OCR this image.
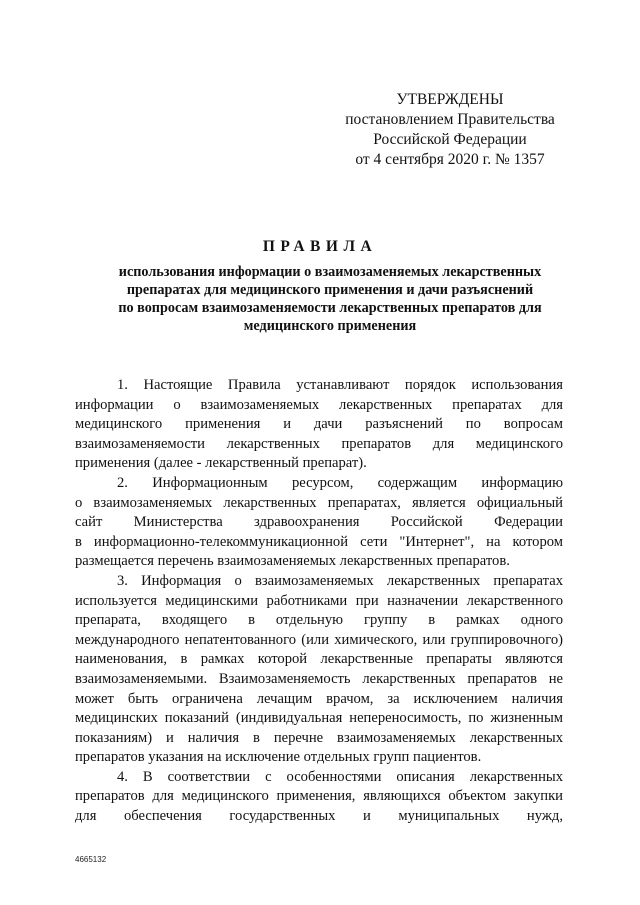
УТВЕРЖДЕНЫ
постановлением Правительства
Российской Федерации
от 4 сентября 2020 г. № 1357
ПРАВИЛА
использования информации о взаимозаменяемых лекарственных
препаратах для медицинского применения и дачи разъяснений
по вопросам взаимозаменяемости лекарственных препаратов для
медицинского применения
1. Настоящие Правила устанавливают порядок использования
информации о взаимозаменяемых лекарственных препаратах для
медицинского применения и дачи разъяснений по вопросам
взаимозаменяемости лекарственных препаратов для медицинского
применения (далее - лекарственный препарат).
2. Информационным ресурсом, содержащим информацию
о взаимозаменяемых лекарственных препаратах, является официальный
сайт Министерства здравоохранения Российской Федерации
в информационно-телекоммуникационной сети "Интернет", на котором
размещается перечень взаимозаменяемых лекарственных препаратов.
3. Информация о взаимозаменяемых лекарственных препаратах
используется медицинскими работниками при назначении лекарственного
препарата, входящего в отдельную группу в рамках одного
международного непатентованного (или химического, или группировочного)
наименования, в рамках которой лекарственные препараты являются
взаимозаменяемыми. Взаимозаменяемость лекарственных препаратов не
может быть ограничена лечащим врачом, за исключением наличия
медицинских показаний (индивидуальная непереносимость, по жизненным
показаниям) и наличия в перечне взаимозаменяемых лекарственных
препаратов указания на исключение отдельных групп пациентов.
4. В соответствии с особенностями описания лекарственных
препаратов для медицинского применения, являющихся объектом закупки
для обеспечения государственных и муниципальных нужд,
4665132
